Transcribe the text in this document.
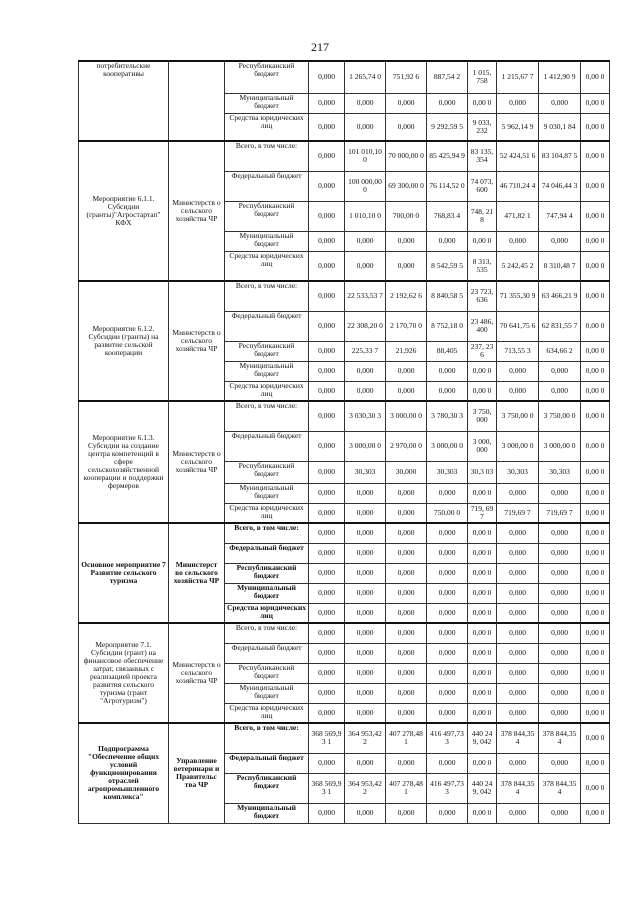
217
потребительские кооперативы		Республиканский бюджет	0,000	1 265,74 0	751,92 6	887,54 2	1 015, 758	1 215,67 7	1 412,90 9	0,00 0
		Муниципальный бюджет	0,000	0,000	0,000	0,000	0,00 0	0,000	0,000	0,00 0
		Средства юридических лиц	0,000	0,000	0,000	9 292,59 5	9 033, 232	5 962,14 9	9 030,1 84	0,00 0
Мероприятие 6.1.1. Субсидии (гранты)"Агростартап" КФХ	Министерств о сельского хозяйства ЧР	Всего, в том числе:	0,000	101 010,10 0	70 000,00 0	85 425,94 9	83 135, 354	52 424,51 6	83 104,87 5	0,00 0
		Федеральный бюджет	0,000	100 000,00 0	69 300,00 0	76 114,52 0	74 073, 600	46 710,24 4	74 046,44 3	0,00 0
		Республиканский бюджет	0,000	1 010,10 0	700,00 0	768,83 4	748, 218	471,82 1	747,94 4	0,00 0
		Муниципальный бюджет	0,000	0,000	0,000	0,000	0,00 0	0,000	0,000	0,00 0
		Средства юридических лиц	0,000	0,000	0,000	8 542,59 5	8 313, 535	5 242,45 2	8 310,48 7	0,00 0
Мероприятие 6.1.2. Субсидии (гранты) на развитие сельской кооперации	Министерств о сельского хозяйства ЧР	Всего, в том числе:	0,000	22 533,53 7	2 192,62 6	8 840,58 5	23 723, 636	71 355,30 9	63 466,21 9	0,00 0
		Федеральный бюджет	0,000	22 308,20 0	2 170,70 0	8 752,18 0	23 486, 400	70 641,75 6	62 831,55 7	0,00 0
		Республиканский бюджет	0,000	225,33 7	21,926	88,405	237, 236	713,55 3	634,66 2	0,00 0
		Муниципальный бюджет	0,000	0,000	0,000	0,000	0,00 0	0,000	0,000	0,00 0
		Средства юридических лиц	0,000	0,000	0,000	0,000	0,00 0	0,000	0,000	0,00 0
Мероприятие 6.1.3. Субсидии на создание центра компетенций в сфере сельскохозяйственной кооперации и поддержки фермеров	Министерств о сельского хозяйства ЧР	Всего, в том числе:	0,000	3 030,30 3	3 000,00 0	3 780,30 3	3 750, 000	3 750,00 0	3 750,00 0	0,00 0
		Федеральный бюджет	0,000	3 000,00 0	2 970,00 0	3 000,00 0	3 000, 000	3 000,00 0	3 000,00 0	0,00 0
		Республиканский бюджет	0,000	30,303	30,000	30,303	30,3 03	30,303	30,303	0,00 0
		Муниципальный бюджет	0,000	0,000	0,000	0,000	0,00 0	0,000	0,000	0,00 0
		Средства юридических лиц	0,000	0,000	0,000	750,00 0	719, 697	719,69 7	719,69 7	0,00 0
Основное мероприятие 7 Развитие сельского туризма	Министерст во сельского хозяйства ЧР	Всего, в том числе:	0,000	0,000	0,000	0,000	0,00 0	0,000	0,000	0,00 0
		Федеральный бюджет	0,000	0,000	0,000	0,000	0,00 0	0,000	0,000	0,00 0
		Республиканский бюджет	0,000	0,000	0,000	0,000	0,00 0	0,000	0,000	0,00 0
		Муниципальный бюджет	0,000	0,000	0,000	0,000	0,00 0	0,000	0,000	0,00 0
		Средства юридических лиц	0,000	0,000	0,000	0,000	0,00 0	0,000	0,000	0,00 0
Мероприятие 7.1. Субсидии (грант) на финансовое обеспечение затрат, связанных с реализацией проекта развития сельского туризма (грант "Агротуризм")	Министерств о сельского хозяйства ЧР	Всего, в том числе:	0,000	0,000	0,000	0,000	0,00 0	0,000	0,000	0,00 0
		Федеральный бюджет	0,000	0,000	0,000	0,000	0,00 0	0,000	0,000	0,00 0
		Республиканский бюджет	0,000	0,000	0,000	0,000	0,00 0	0,000	0,000	0,00 0
		Муниципальный бюджет	0,000	0,000	0,000	0,000	0,00 0	0,000	0,000	0,00 0
		Средства юридических лиц	0,000	0,000	0,000	0,000	0,00 0	0,000	0,000	0,00 0
Подпрограмма "Обеспечение общих условий функционирования отраслей агропромышленного комплекса"	Управление ветеринари и Правительс тва ЧР	Всего, в том числе:	368 569,93 1	364 953,42 2	407 278,48 1	416 497,73 3	440 249, 042	378 844,35 4	378 844,35 4	0,00 0
		Федеральный бюджет	0,000	0,000	0,000	0,000	0,00 0	0,000	0,000	0,00 0
		Республиканский бюджет	368 569,93 1	364 953,42 2	407 278,48 1	416 497,73 3	440 249, 042	378 844,35 4	378 844,35 4	0,00 0
		Муниципальный бюджет	0,000	0,000	0,000	0,000	0,00 0	0,000	0,000	0,00 0
